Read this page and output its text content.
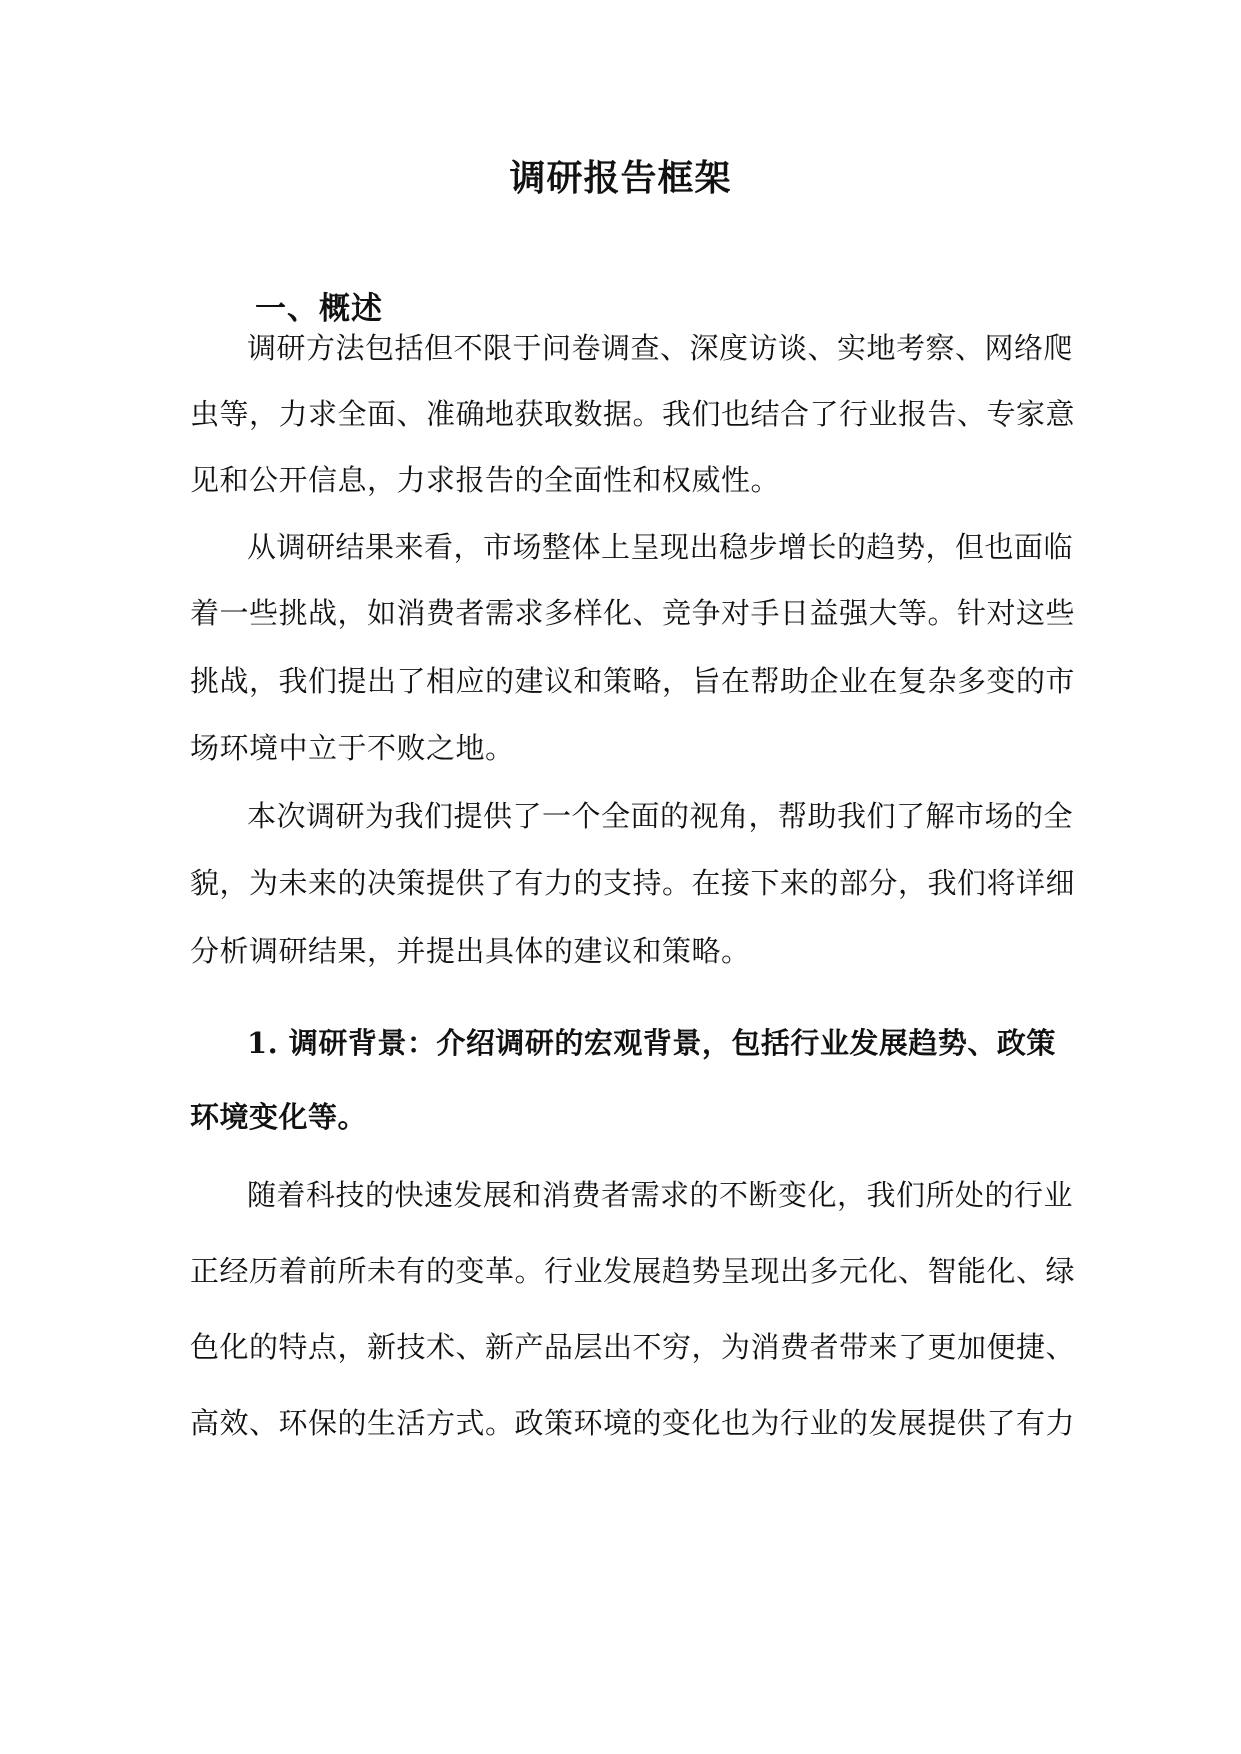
调研报告框架
一、概述
调研方法包括但不限于问卷调查、深度访谈、实地考察、网络爬
虫等，力求全面、准确地获取数据。我们也结合了行业报告、专家意
见和公开信息，力求报告的全面性和权威性。
从调研结果来看，市场整体上呈现出稳步增长的趋势，但也面临
着一些挑战，如消费者需求多样化、竞争对手日益强大等。针对这些
挑战，我们提出了相应的建议和策略，旨在帮助企业在复杂多变的市
场环境中立于不败之地。
本次调研为我们提供了一个全面的视角，帮助我们了解市场的全
貌，为未来的决策提供了有力的支持。在接下来的部分，我们将详细
分析调研结果，并提出具体的建议和策略。
1. 调研背景：介绍调研的宏观背景，包括行业发展趋势、政策
环境变化等。
随着科技的快速发展和消费者需求的不断变化，我们所处的行业
正经历着前所未有的变革。行业发展趋势呈现出多元化、智能化、绿
色化的特点，新技术、新产品层出不穷，为消费者带来了更加便捷、
高效、环保的生活方式。政策环境的变化也为行业的发展提供了有力
